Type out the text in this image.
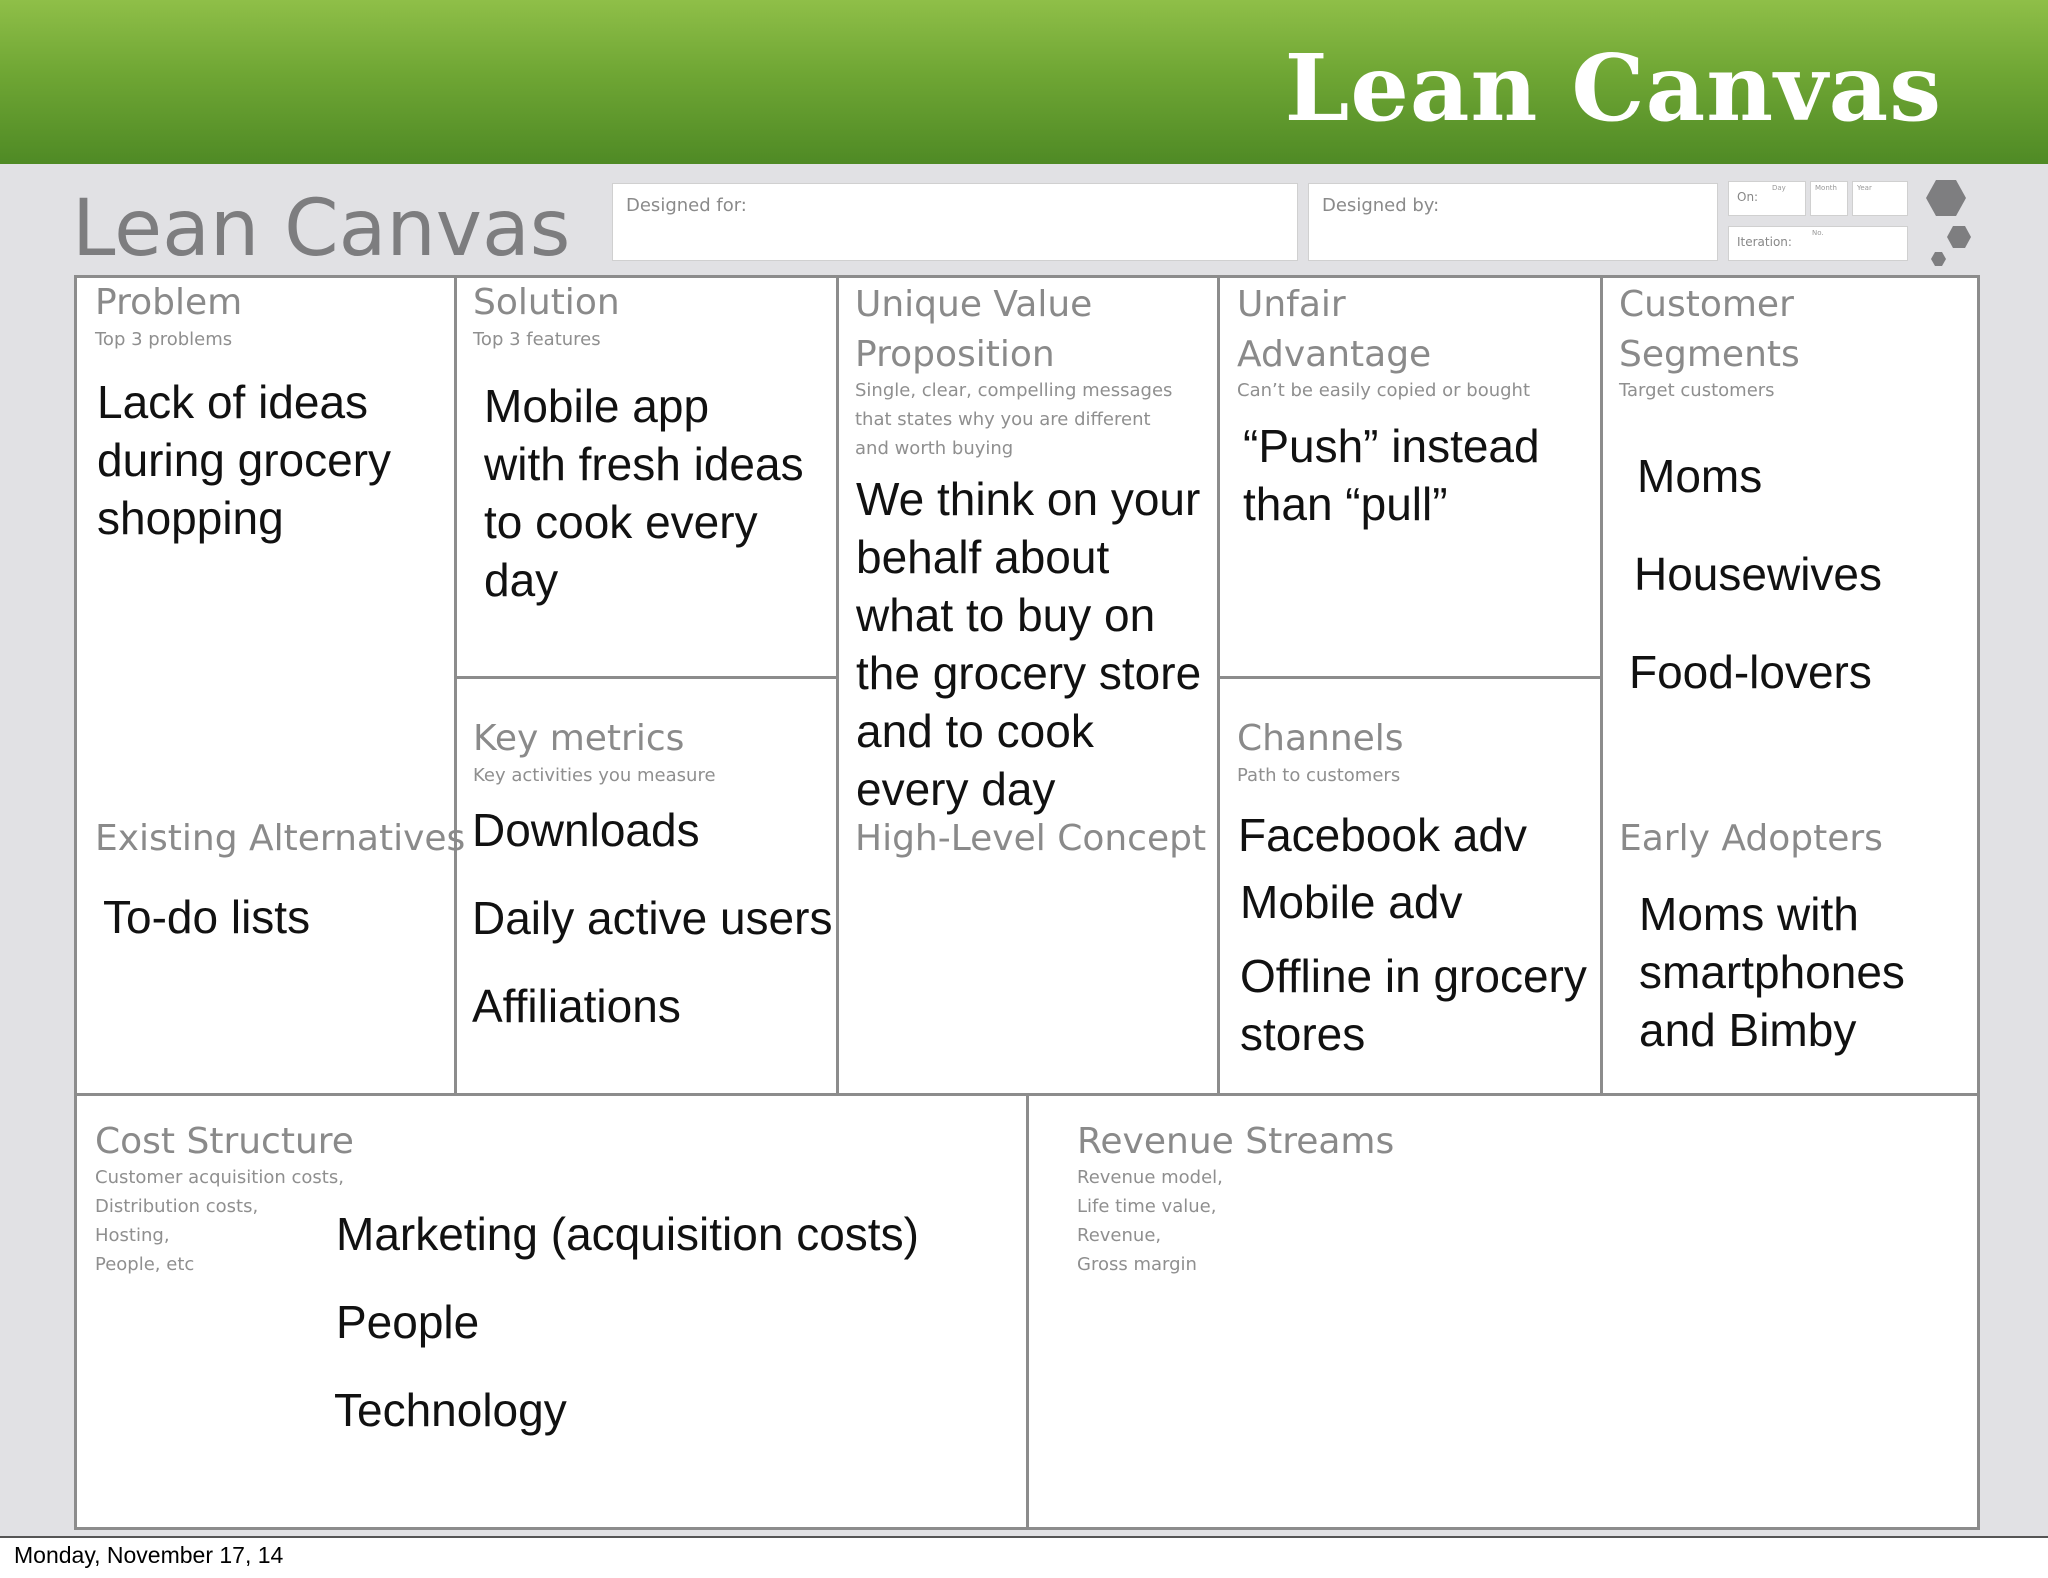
Lean Canvas
Lean Canvas	Designed for:	Designed by:	On:
Day	Month	Year
Iteration:
No.
Problem
Top 3 problems
Lack of ideas
during grocery
shopping
Existing Alternatives
To-do lists
Solution
Top 3 features
Mobile app
with fresh ideas
to cook every
day
Key metrics
Key activities you measure
Downloads
Daily active users
Affiliations
Unique Value
Proposition
Single, clear, compelling messages
that states why you are different
and worth buying
We think on your
behalf about
what to buy on
the grocery store
and to cook
every day
High-Level Concept
Unfair
Advantage
Can’t be easily copied or bought
“Push” instead
than “pull”
Channels
Path to customers
Facebook adv
Mobile adv
Offline in grocery
stores
Customer
Segments
Target customers
Moms
Housewives
Food-lovers
Early Adopters
Moms with
smartphones
and Bimby
Cost Structure
Customer acquisition costs,
Distribution costs,
Hosting,
People, etc
Marketing (acquisition costs)
People
Technology
Revenue Streams
Revenue model,
Life time value,
Revenue,
Gross margin
Monday, November 17, 14
